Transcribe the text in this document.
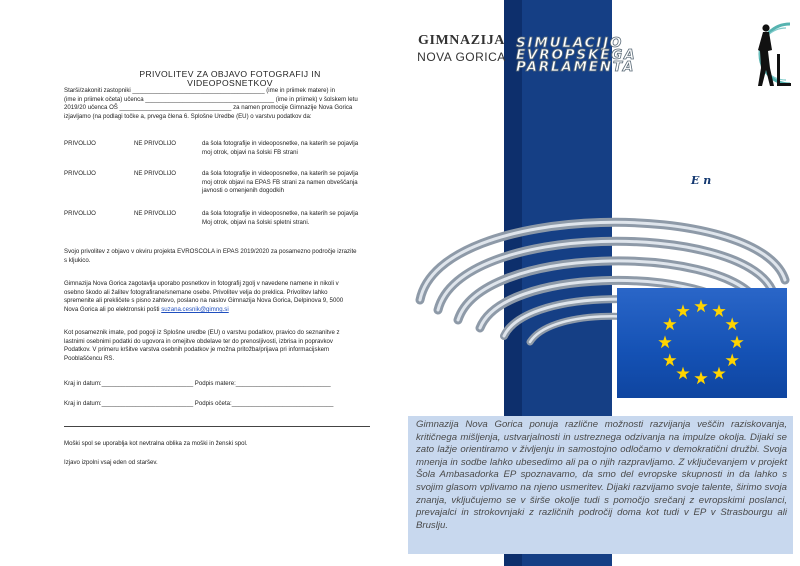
PRIVOLITEV ZA OBJAVO FOTOGRAFIJ IN VIDEOPOSNETKOV
Starši/zakoniti zastopniki _______________________________________ (ime in priimek matere) in
(ime in priimek očeta) učenca ______________________________________ (ime in priimek) v šolskem letu
2019/20 učenca OŠ _________________________________ za namen promocije Gimnazije Nova Gorica
izjavljamo (na podlagi točke a, prvega člena 6. Splošne Uredbe (EU) o varstvu podatkov da:
PRIVOLIJO	NE PRIVOLIJO	da šola fotografije in videoposnetke, na katerih se pojavlja
moj otrok, objavi na šolski FB strani
PRIVOLIJO	NE PRIVOLIJO	da šola fotografije in videoposnetke, na katerih se pojavlja
moj otrok objavi na EPAS FB strani za namen obveščanja
javnosti o omenjenih dogodkih
PRIVOLIJO	NE PRIVOLIJO	da šola fotografije in videoposnetke, na katerih se pojavlja
Moj otrok, objavi na šolski spletni strani.
Svojo privolitev z objavo v okviru projekta EVROSCOLA in EPAS 2019/2020 za posamezno področje izrazite
s kljukico.
Gimnazija Nova Gorica zagotavlja uporabo posnetkov in fotografij zgolj v navedene namene in nikoli v
osebno škodo ali žalitev fotografirane/snemane osebe. Privolitev velja do preklica. Privolitev lahko
spremenite ali prekličete s pisno zahtevo, poslano na naslov Gimnazija Nova Gorica, Delpinova 9, 5000
Nova Gorica ali po elektronski pošti suzana.cesnik@gimng.si
Kot posameznik imate, pod pogoji iz Splošne uredbe (EU) o varstvu podatkov, pravico do seznanitve z
lastnimi osebnimi podatki do ugovora in omejitve obdelave ter do prenosljivosti, izbrisa in popravkov
Podatkov. V primeru kršitve varstva osebnih podatkov je možna pritožba/prijava pri informacijskem
Pooblaščencu RS.
Kraj in datum:___________________________ Podpis matere:____________________________
Kraj in datum:___________________________ Podpis očeta:______________________________
Moški spol se uporablja kot nevtralna oblika za moški in ženski spol.
Izjavo izpolni vsaj eden od staršev.
GIMNAZIJA
NOVA GORICA
SIMULACIJO
EVROPSKEGA
PARLAMENTA
E n
Gimnazija Nova Gorica ponuja različne možnosti razvijanja veščin raziskovanja, kritičnega mišljenja, ustvarjalnosti in ustreznega odzivanja na impulze okolja. Dijaki se zato lažje orientiramo v življenju in samostojno odločamo v demokratični družbi. Svoja mnenja in sodbe lahko ubesedimo ali pa o njih razpravljamo. Z vključevanjem v projekt Šola Ambasadorka EP spoznavamo, da smo del evropske skupnosti in da lahko s svojim glasom vplivamo na njeno usmeritev. Dijaki razvijamo svoje talente, širimo svoja znanja, vključujemo se v širše okolje tudi s pomočjo srečanj z evropskimi poslanci, prevajalci in strokovnjaki z različnih področij doma kot tudi v EP v Strasbourgu ali Bruslju.
